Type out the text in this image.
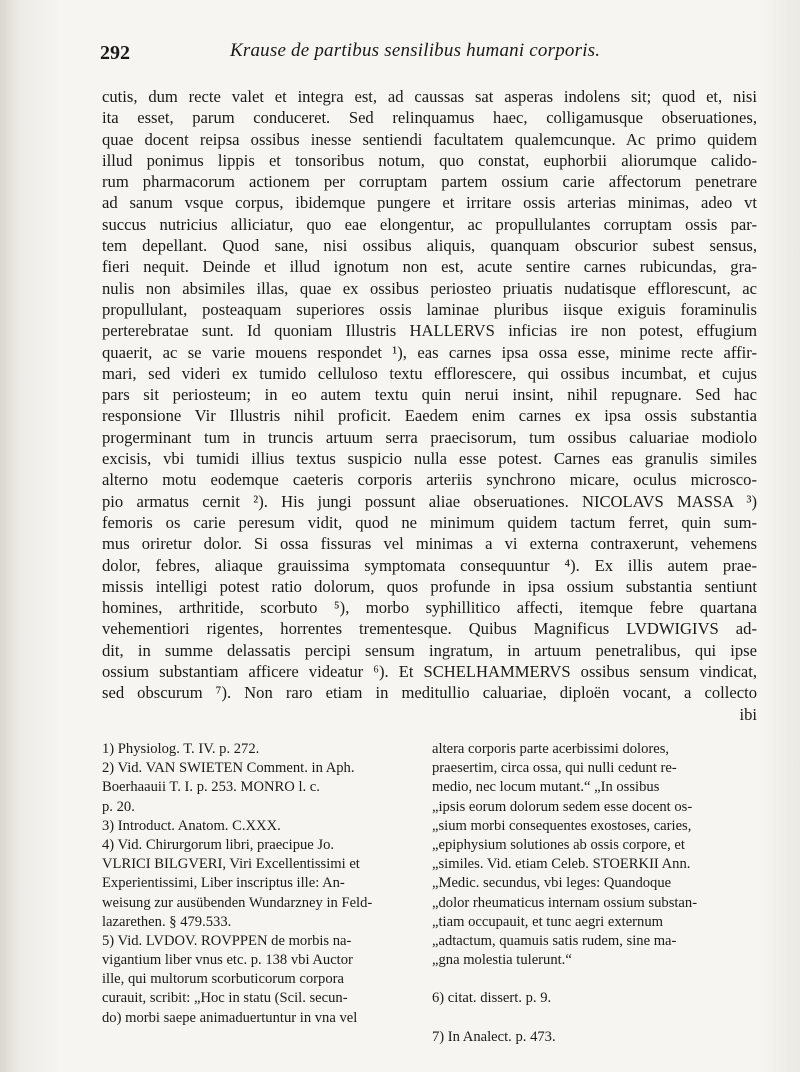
292	Krause de partibus sensilibus humani corporis.
cutis, dum recte valet et integra est, ad caussas sat asperas indolens sit; quod et, nisi
ita esset, parum conduceret. Sed relinquamus haec, colligamusque obseruationes,
quae docent reipsa ossibus inesse sentiendi facultatem qualemcunque. Ac primo quidem
illud ponimus lippis et tonsoribus notum, quo constat, euphorbii aliorumque calido-
rum pharmacorum actionem per corruptam partem ossium carie affectorum penetrare
ad sanum vsque corpus, ibidemque pungere et irritare ossis arterias minimas, adeo vt
succus nutricius alliciatur, quo eae elongentur, ac propullulantes corruptam ossis par-
tem depellant. Quod sane, nisi ossibus aliquis, quanquam obscurior subest sensus,
fieri nequit. Deinde et illud ignotum non est, acute sentire carnes rubicundas, gra-
nulis non absimiles illas, quae ex ossibus periosteo priuatis nudatisque efflorescunt, ac
propullulant, posteaquam superiores ossis laminae pluribus iisque exiguis foraminulis
perterebratae sunt. Id quoniam Illustris HALLERVS inficias ire non potest, effugium
quaerit, ac se varie mouens respondet ¹), eas carnes ipsa ossa esse, minime recte affir-
mari, sed videri ex tumido celluloso textu efflorescere, qui ossibus incumbat, et cujus
pars sit periosteum; in eo autem textu quin nerui insint, nihil repugnare. Sed hac
responsione Vir Illustris nihil proficit. Eaedem enim carnes ex ipsa ossis substantia
progerminant tum in truncis artuum serra praecisorum, tum ossibus caluariae modiolo
excisis, vbi tumidi illius textus suspicio nulla esse potest. Carnes eas granulis similes
alterno motu eodemque caeteris corporis arteriis synchrono micare, oculus microsco-
pio armatus cernit ²). His jungi possunt aliae obseruationes. NICOLAVS MASSA ³)
femoris os carie peresum vidit, quod ne minimum quidem tactum ferret, quin sum-
mus oriretur dolor. Si ossa fissuras vel minimas a vi externa contraxerunt, vehemens
dolor, febres, aliaque grauissima symptomata consequuntur ⁴). Ex illis autem prae-
missis intelligi potest ratio dolorum, quos profunde in ipsa ossium substantia sentiunt
homines, arthritide, scorbuto ⁵), morbo syphillitico affecti, itemque febre quartana
vehementiori rigentes, horrentes trementesque. Quibus Magnificus LVDWIGIVS ad-
dit, in summe delassatis percipi sensum ingratum, in artuum penetralibus, qui ipse
ossium substantiam afficere videatur ⁶). Et SCHELHAMMERVS ossibus sensum vindicat,
sed obscurum ⁷). Non raro etiam in meditullio caluariae, diploën vocant, a collecto
ibi
1) Physiolog. T. IV. p. 272.
2) Vid. VAN SWIETEN Comment. in Aph.
Boerhaauii T. I. p. 253. MONRO l. c.
p. 20.
3) Introduct. Anatom. C.XXX.
4) Vid. Chirurgorum libri, praecipue Jo.
VLRICI BILGVERI, Viri Excellentissimi et
Experientissimi, Liber inscriptus ille: An-
weisung zur ausübenden Wundarzney in Feld-
lazarethen. § 479.533.
5) Vid. LVDOV. ROVPPEN de morbis na-
vigantium liber vnus etc. p. 138 vbi Auctor
ille, qui multorum scorbuticorum corpora
curauit, scribit: „Hoc in statu (Scil. secun-
do) morbi saepe animaduertuntur in vna vel
altera corporis parte acerbissimi dolores,
praesertim, circa ossa, qui nulli cedunt re-
medio, nec locum mutant.“ „In ossibus
„ipsis eorum dolorum sedem esse docent os-
„sium morbi consequentes exostoses, caries,
„epiphysium solutiones ab ossis corpore, et
„similes. Vid. etiam Celeb. STOERKII Ann.
„Medic. secundus, vbi leges: Quandoque
„dolor rheumaticus internam ossium substan-
„tiam occupauit, et tunc aegri externum
„adtactum, quamuis satis rudem, sine ma-
„gna molestia tulerunt.“
6) citat. dissert. p. 9.
7) In Analect. p. 473.
